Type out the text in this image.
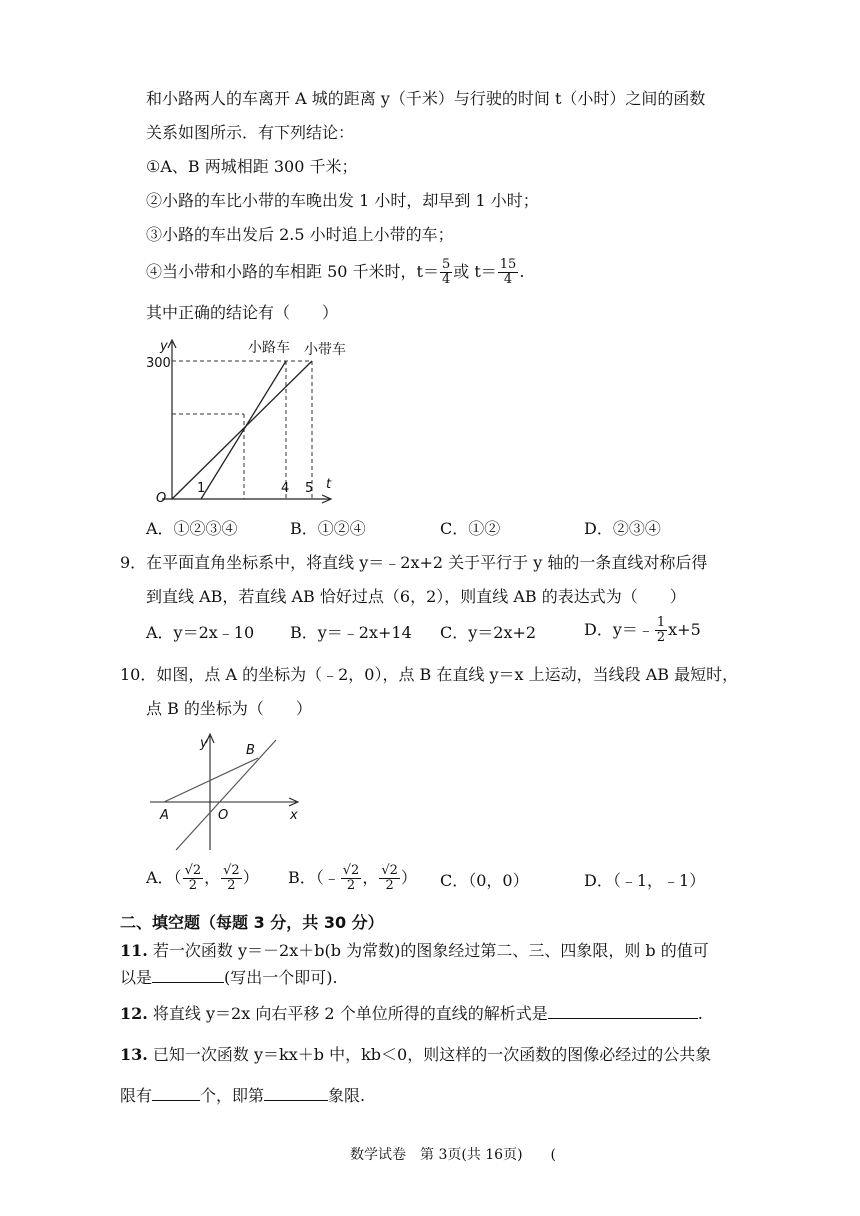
和小路两人的车离开 A 城的距离 y（千米）与行驶的时间 t（小时）之间的函数
关系如图所示．有下列结论：
①A、B 两城相距 300 千米；
②小路的车比小带的车晚出发 1 小时，却早到 1 小时；
③小路的车出发后 2.5 小时追上小带的车；
④当小带和小路的车相距 50 千米时，$t= \frac{5}{4}$ 或 $t= \frac{15}{4}$ .
其中正确的结论有（　　）
小路车 小带车
y
t
300
O
1	4 5
A．①②③④	B．①②④	C．①②	D．②③④
9．在平面直角坐标系中，将直线 y＝﹣2x+2 关于平行于 y 轴的一条直线对称后得
到直线 AB，若直线 AB 恰好过点（6，2），则直线 AB 的表达式为（　　）
A．y＝2x﹣10 B．y＝﹣2x+14 C．y＝2x+2	D．y＝﹣ $\frac{1}{2} x+5$
10．如图，点 A 的坐标为（﹣2，0），点 B 在直线 y＝x 上运动，当线段 AB 最短时，
点 B 的坐标为（　　）
y
x
O
A
B
A．（ $\frac{√2}{2}$ ， $\frac{√2}{2}$ ） B．（﹣ $\frac{√2}{2}$ ， $\frac{√2}{2}$ ） C．（0，0）	D．（﹣1，﹣1）
二、填空题（每题 3 分，共 30 分）
11. 若一次函数 y＝－2x＋b(b 为常数)的图象经过第二、三、四象限，则 b 的值可
以是	(写出一个即可).
12. 将直线 y＝2x 向右平移 2 个单位所得的直线的解析式是	.
13. 已知一次函数 y＝kx＋b 中，kb＜0，则这样的一次函数的图像必经过的公共象
限有	个，即第	象限.
数学试卷　第 3页(共 16页)　　(
